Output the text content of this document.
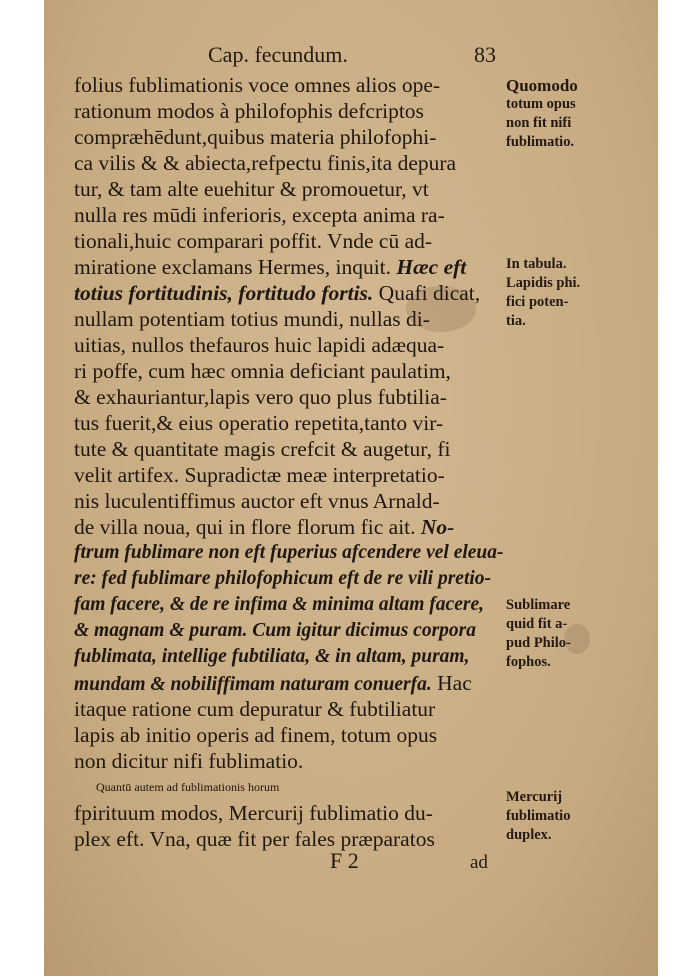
Cap. fecundum.	83
folius fublimationis voce omnes alios ope-
rationum modos à philofophis defcriptos
compræhēdunt,quibus materia philofophi-
ca vilis & & abiecta,refpectu finis,ita depura
tur, & tam alte euehitur & promouetur, vt
nulla res mūdi inferioris, excepta anima ra-
tionali,huic comparari poffit. Vnde cū ad-
miratione exclamans Hermes, inquit. Hæc eft
totius fortitudinis, fortitudo fortis. Quafi dicat,
nullam potentiam totius mundi, nullas di-
uitias, nullos thefauros huic lapidi adæqua-
ri poffe, cum hæc omnia deficiant paulatim,
& exhauriantur,lapis vero quo plus fubtilia-
tus fuerit,& eius operatio repetita,tanto vir-
tute & quantitate magis crefcit & augetur, fi
velit artifex. Supradictæ meæ interpretatio-
nis luculentiffimus auctor eft vnus Arnald-
de villa noua, qui in flore florum fic ait. No-
ftrum fublimare non eft fuperius afcendere vel eleua-
re: fed fublimare philofophicum eft de re vili pretio-
fam facere, & de re infima & minima altam facere,
& magnam & puram. Cum igitur dicimus corpora
fublimata, intellige fubtiliata, & in altam, puram,
mundam & nobiliffimam naturam conuerfa. Hac
itaque ratione cum depuratur & fubtiliatur
lapis ab initio operis ad finem, totum opus
non dicitur nifi fublimatio.
Quantū autem ad fublimationis horum
fpirituum modos, Mercurij fublimatio du-
plex eft. Vna, quæ fit per fales præparatos
Quomodo
totum opus
non fit nifi
fublimatio.
In tabula.
Lapidis phi.
fici poten-
tia.
Sublimare
quid fit a-
pud Philo-
fophos.
Mercurij
fublimatio
duplex.
F 2	ad
